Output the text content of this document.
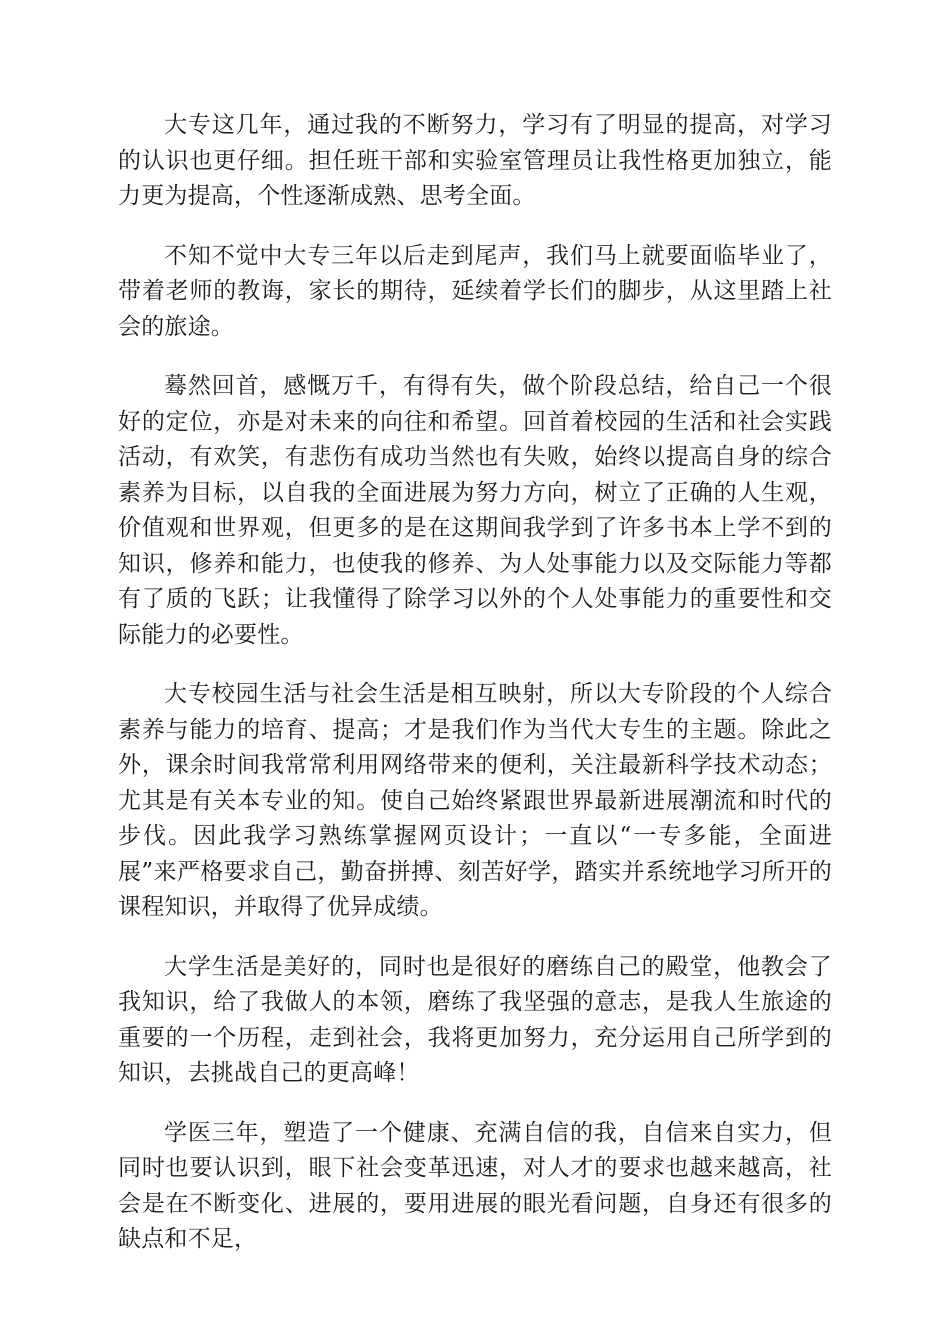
大专这几年，通过我的不断努力，学习有了明显的提高，对学习的认识也更仔细。担任班干部和实验室管理员让我性格更加独立，能力更为提高，个性逐渐成熟、思考全面。

不知不觉中大专三年以后走到尾声，我们马上就要面临毕业了，带着老师的教诲，家长的期待，延续着学长们的脚步，从这里踏上社会的旅途。

蓦然回首，感慨万千，有得有失，做个阶段总结，给自己一个很好的定位，亦是对未来的向往和希望。回首着校园的生活和社会实践活动，有欢笑，有悲伤有成功当然也有失败，始终以提高自身的综合素养为目标，以自我的全面进展为努力方向，树立了正确的人生观，价值观和世界观，但更多的是在这期间我学到了许多书本上学不到的知识，修养和能力，也使我的修养、为人处事能力以及交际能力等都有了质的飞跃；让我懂得了除学习以外的个人处事能力的重要性和交际能力的必要性。

大专校园生活与社会生活是相互映射，所以大专阶段的个人综合素养与能力的培育、提高；才是我们作为当代大专生的主题。除此之外，课余时间我常常利用网络带来的便利，关注最新科学技术动态；尤其是有关本专业的知。使自己始终紧跟世界最新进展潮流和时代的步伐。因此我学习熟练掌握网页设计；一直以“一专多能，全面进展”来严格要求自己，勤奋拼搏、刻苦好学，踏实并系统地学习所开的课程知识，并取得了优异成绩。

大学生活是美好的，同时也是很好的磨练自己的殿堂，他教会了我知识，给了我做人的本领，磨练了我坚强的意志，是我人生旅途的重要的一个历程，走到社会，我将更加努力，充分运用自己所学到的知识，去挑战自己的更高峰！

学医三年，塑造了一个健康、充满自信的我，自信来自实力，但同时也要认识到，眼下社会变革迅速，对人才的要求也越来越高，社会是在不断变化、进展的，要用进展的眼光看问题，自身还有很多的缺点和不足，
